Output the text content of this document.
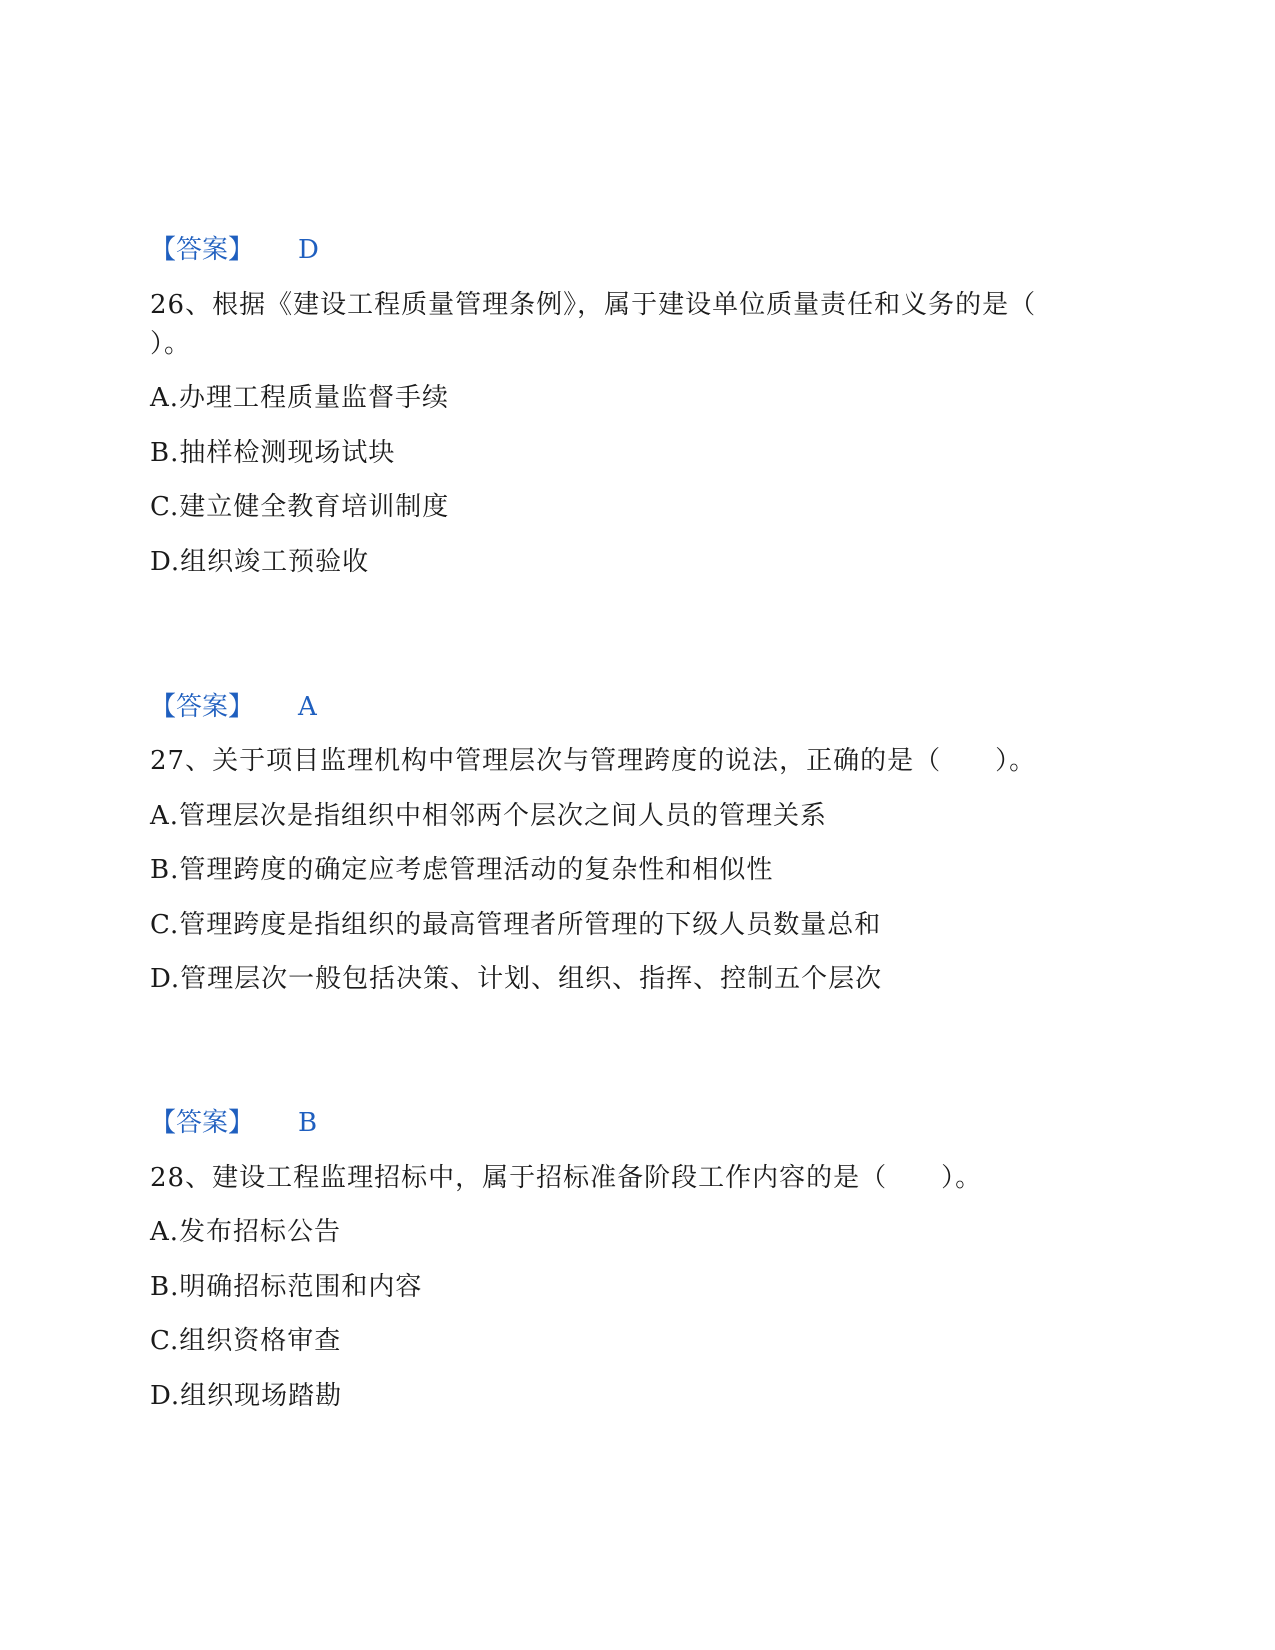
【答案】 D
26、根据《建设工程质量管理条例》，属于建设单位质量责任和义务的是（
）。
A.办理工程质量监督手续
B.抽样检测现场试块
C.建立健全教育培训制度
D.组织竣工预验收
【答案】 A
27、关于项目监理机构中管理层次与管理跨度的说法，正确的是（　　）。
A.管理层次是指组织中相邻两个层次之间人员的管理关系
B.管理跨度的确定应考虑管理活动的复杂性和相似性
C.管理跨度是指组织的最高管理者所管理的下级人员数量总和
D.管理层次一般包括决策、计划、组织、指挥、控制五个层次
【答案】 B
28、建设工程监理招标中，属于招标准备阶段工作内容的是（　　）。
A.发布招标公告
B.明确招标范围和内容
C.组织资格审查
D.组织现场踏勘
